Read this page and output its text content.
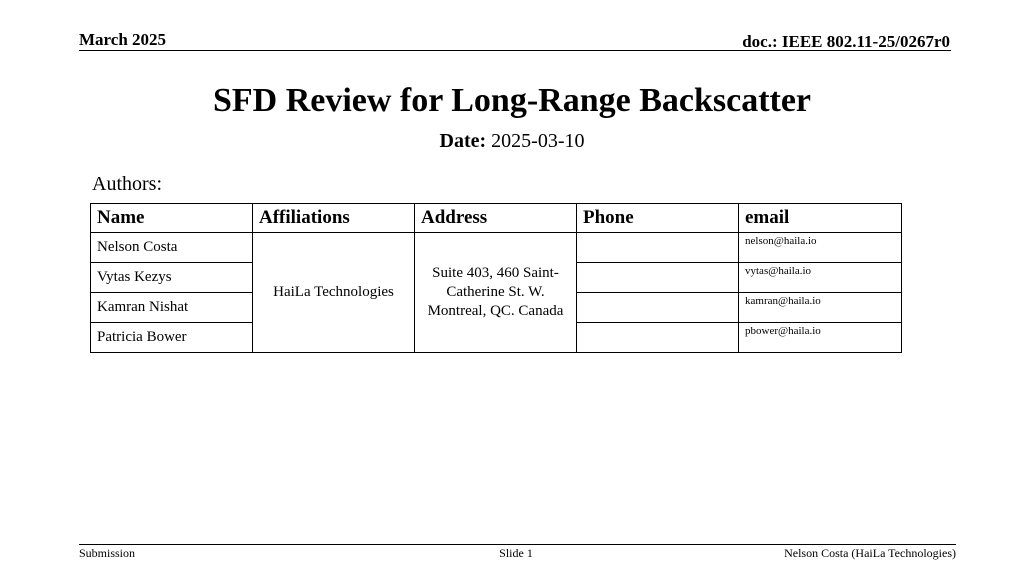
March 2025	doc.: IEEE 802.11-25/0267r0
SFD Review for Long-Range Backscatter
Date: 2025-03-10
Authors:
Name	Affiliations	Address	Phone	email
Nelson Costa	HaiLa Technologies	Suite 403, 460 Saint-Catherine St. W. Montreal, QC. Canada		nelson@haila.io
Vytas Kezys				vytas@haila.io
Kamran Nishat				kamran@haila.io
Patricia Bower				pbower@haila.io
Submission	Slide 1	Nelson Costa (HaiLa Technologies)
